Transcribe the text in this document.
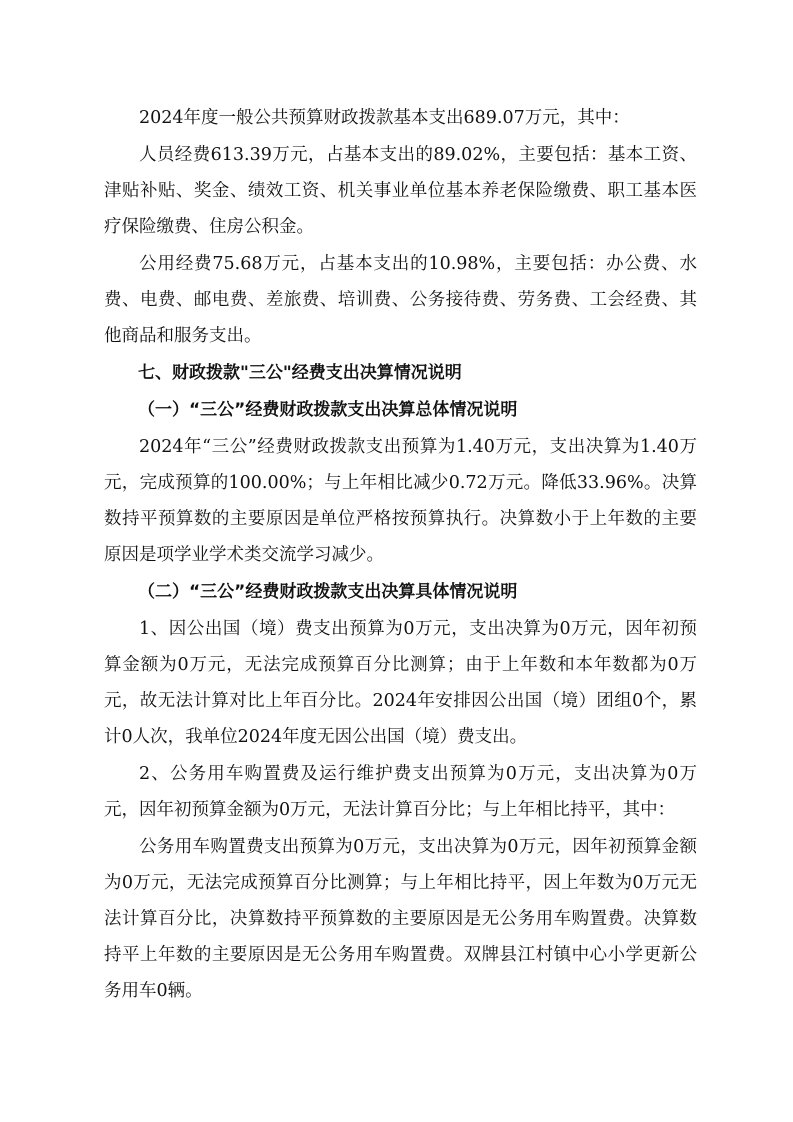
2024年度一般公共预算财政拨款基本支出689.07万元，其中：

人员经费613.39万元，占基本支出的89.02%，主要包括：基本工资、津贴补贴、奖金、绩效工资、机关事业单位基本养老保险缴费、职工基本医疗保险缴费、住房公积金。

公用经费75.68万元，占基本支出的10.98%，主要包括：办公费、水费、电费、邮电费、差旅费、培训费、公务接待费、劳务费、工会经费、其他商品和服务支出。

七、财政拨款"三公"经费支出决算情况说明

（一）“三公”经费财政拨款支出决算总体情况说明

2024年“三公”经费财政拨款支出预算为1.40万元，支出决算为1.40万元，完成预算的100.00%；与上年相比减少0.72万元。降低33.96%。决算数持平预算数的主要原因是单位严格按预算执行。决算数小于上年数的主要原因是项学业学术类交流学习减少。

（二）“三公”经费财政拨款支出决算具体情况说明

1、因公出国（境）费支出预算为0万元，支出决算为0万元，因年初预算金额为0万元，无法完成预算百分比测算；由于上年数和本年数都为0万元，故无法计算对比上年百分比。2024年安排因公出国（境）团组0个，累计0人次，我单位2024年度无因公出国（境）费支出。

2、公务用车购置费及运行维护费支出预算为0万元，支出决算为0万元，因年初预算金额为0万元，无法计算百分比；与上年相比持平，其中：

公务用车购置费支出预算为0万元，支出决算为0万元，因年初预算金额为0万元，无法完成预算百分比测算；与上年相比持平，因上年数为0万元无法计算百分比，决算数持平预算数的主要原因是无公务用车购置费。决算数持平上年数的主要原因是无公务用车购置费。双牌县江村镇中心小学更新公务用车0辆。
